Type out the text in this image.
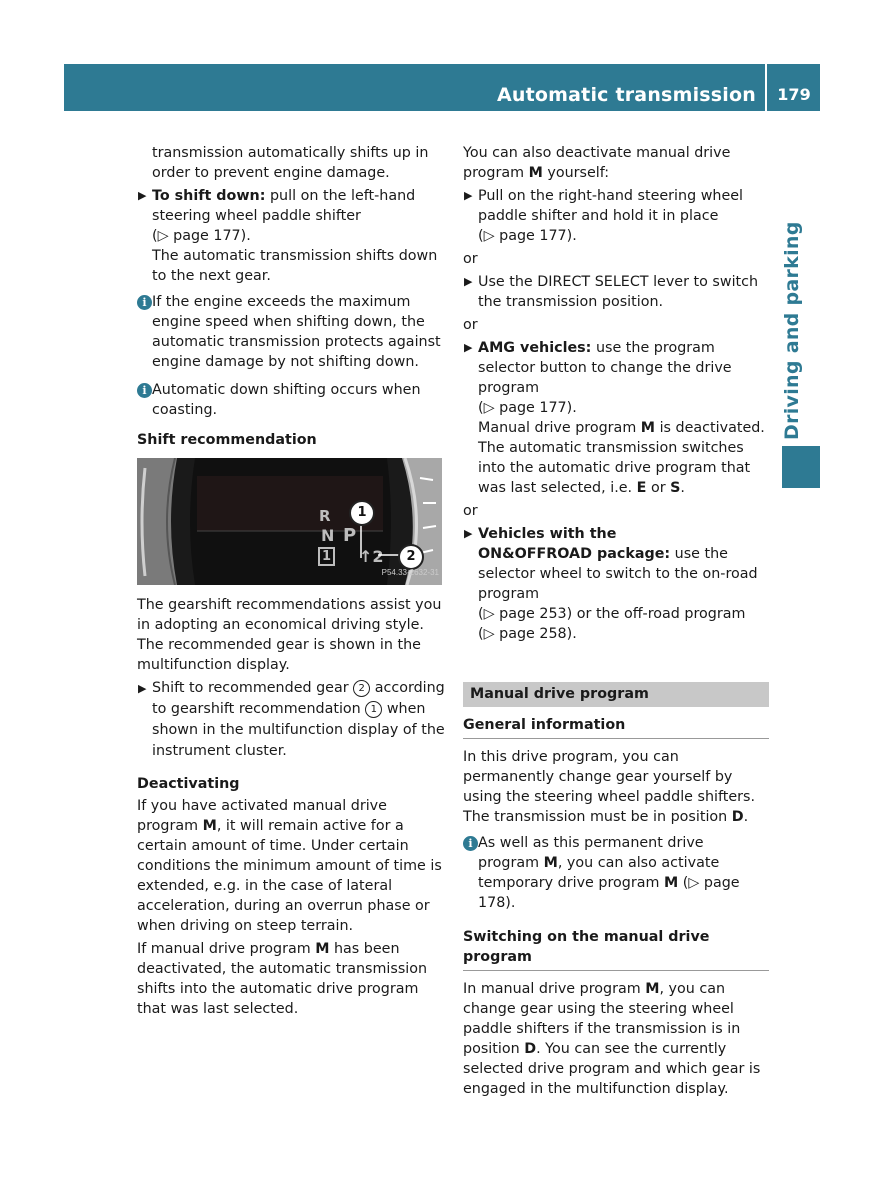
Automatic transmission	179
Driving and parking

transmission automatically shifts up in order to prevent engine damage.

▶ To shift down: pull on the left-hand steering wheel paddle shifter
(▷ page 177).
The automatic transmission shifts down to the next gear.
i If the engine exceeds the maximum engine speed when shifting down, the automatic transmission protects against engine damage by not shifting down.
i Automatic down shifting occurs when coasting.
Shift recommendation
R
N P
1 ↑2
1
2
P54.33-2632-31

The gearshift recommendations assist you in adopting an economical driving style. The recommended gear is shown in the multifunction display.

▶ Shift to recommended gear 2 according to gearshift recommendation 1 when shown in the multifunction display of the instrument cluster.
Deactivating

If you have activated manual drive program M, it will remain active for a certain amount of time. Under certain conditions the minimum amount of time is extended, e.g. in the case of lateral acceleration, during an overrun phase or when driving on steep terrain.

If manual drive program M has been deactivated, the automatic transmission shifts into the automatic drive program that was last selected.

You can also deactivate manual drive program M yourself:

▶ Pull on the right-hand steering wheel paddle shifter and hold it in place
(▷ page 177).
or
▶ Use the DIRECT SELECT lever to switch the transmission position.
or
▶ AMG vehicles: use the program selector button to change the drive program
(▷ page 177).
Manual drive program M is deactivated.
The automatic transmission switches into the automatic drive program that was last selected, i.e. E or S.
or
▶ Vehicles with the
ON&OFFROAD package: use the selector wheel to switch to the on-road program
(▷ page 253) or the off-road program
(▷ page 258).
Manual drive program
General information

In this drive program, you can permanently change gear yourself by using the steering wheel paddle shifters. The transmission must be in position D.

i As well as this permanent drive program M, you can also activate temporary drive program M (▷ page 178).
Switching on the manual drive program

In manual drive program M, you can change gear using the steering wheel paddle shifters if the transmission is in position D. You can see the currently selected drive program and which gear is engaged in the multifunction display.
